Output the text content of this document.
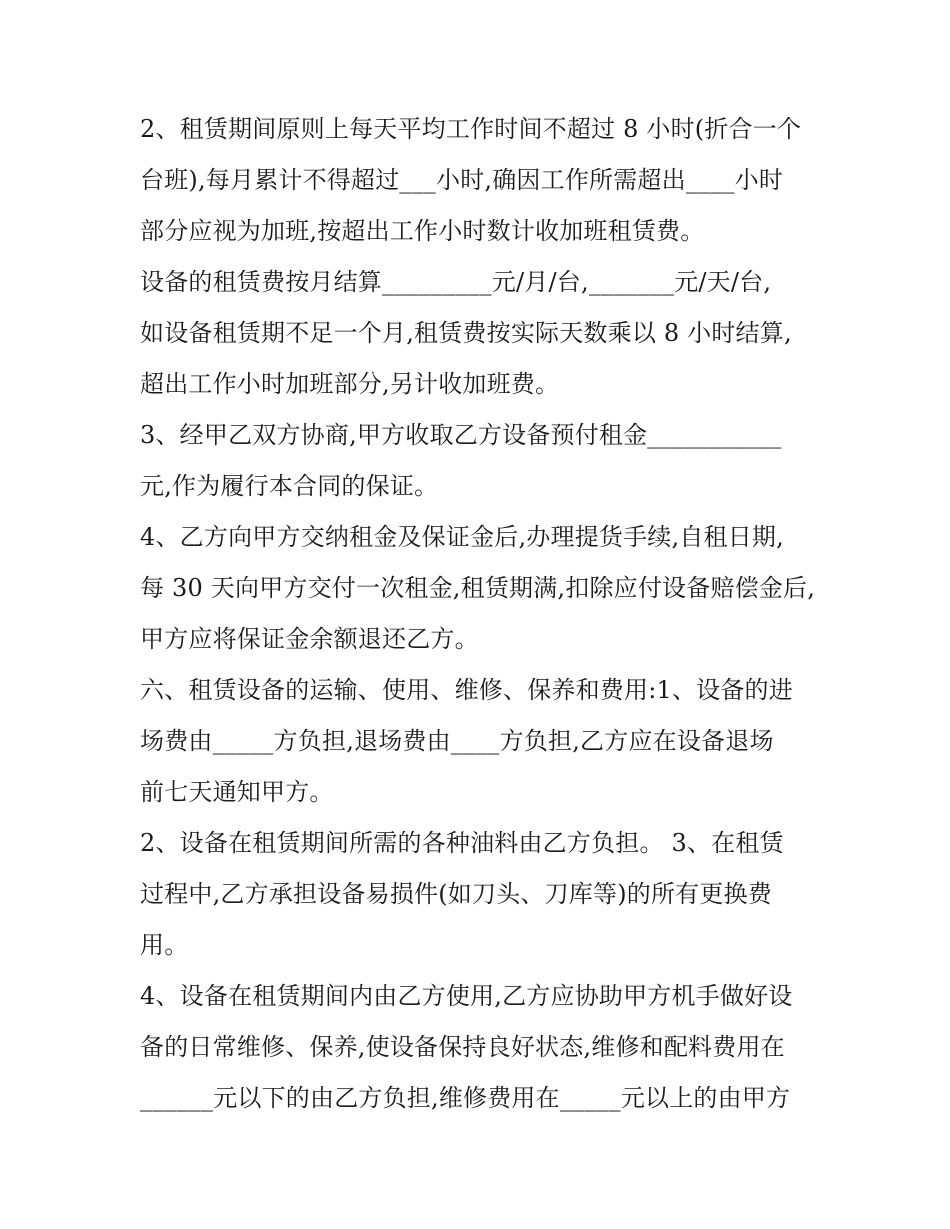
2、租赁期间原则上每天平均工作时间不超过 8 小时(折合一个
台班),每月累计不得超过___小时,确因工作所需超出____小时
部分应视为加班,按超出工作小时数计收加班租赁费。
设备的租赁费按月结算_________元/月/台,_______元/天/台,
如设备租赁期不足一个月,租赁费按实际天数乘以 8 小时结算,
超出工作小时加班部分,另计收加班费。
3、经甲乙双方协商,甲方收取乙方设备预付租金___________
元,作为履行本合同的保证。
4、乙方向甲方交纳租金及保证金后,办理提货手续,自租日期,
每 30 天向甲方交付一次租金,租赁期满,扣除应付设备赔偿金后,
甲方应将保证金余额退还乙方。
六、租赁设备的运输、使用、维修、保养和费用:1、设备的进
场费由_____方负担,退场费由____方负担,乙方应在设备退场
前七天通知甲方。
2、设备在租赁期间所需的各种油料由乙方负担。 3、在租赁
过程中,乙方承担设备易损件(如刀头、刀库等)的所有更换费
用。
4、设备在租赁期间内由乙方使用,乙方应协助甲方机手做好设
备的日常维修、保养,使设备保持良好状态,维修和配料费用在
______元以下的由乙方负担,维修费用在_____元以上的由甲方
